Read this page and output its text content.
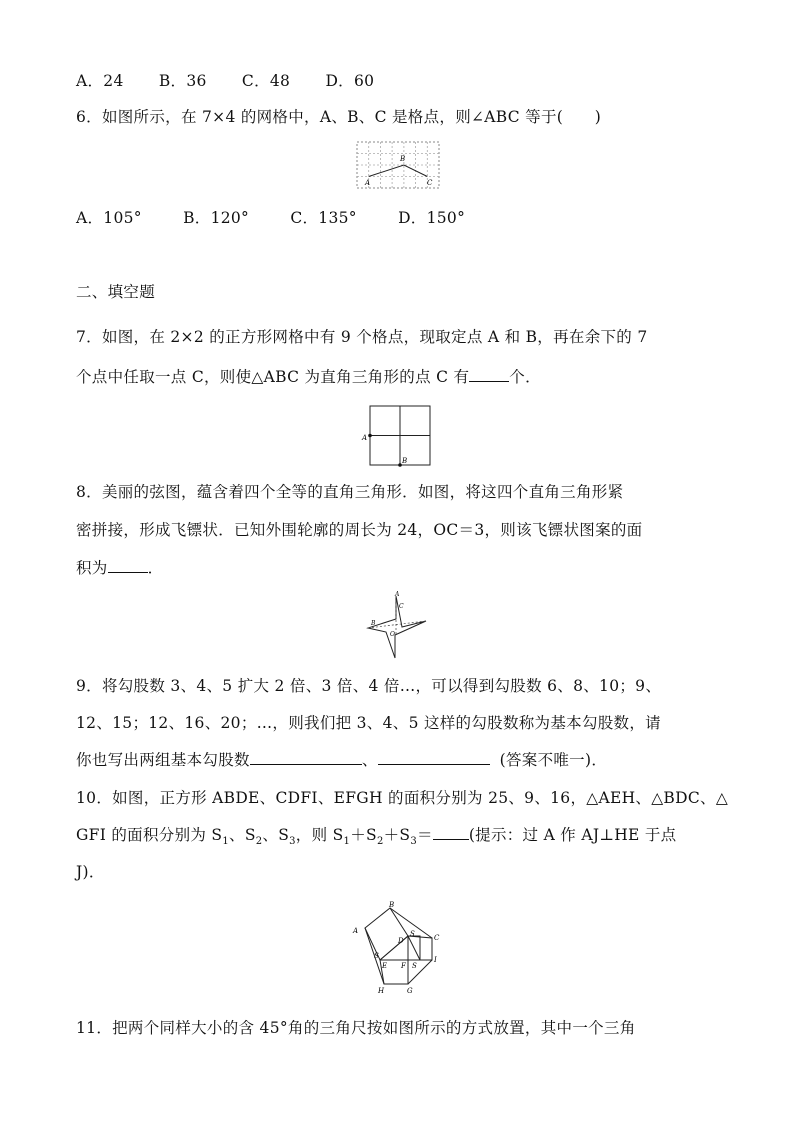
A．24 B．36 C．48 D．60
6．如图所示，在 7×4 的网格中，A、B、C 是格点，则∠ABC 等于(　　)
A
B
C
A．105°	B．120°	C．135°	D．150°
二、填空题
7．如图，在 2×2 的正方形网格中有 9 个格点，现取定点 A 和 B，再在余下的 7
个点中任取一点 C，则使△ABC 为直角三角形的点 C 有	个．
A
B
8．美丽的弦图，蕴含着四个全等的直角三角形．如图，将这四个直角三角形紧
密拼接，形成飞镖状．已知外围轮廓的周长为 24，OC＝3，则该飞镖状图案的面
积为	．
A
C
B
O
9．将勾股数 3、4、5 扩大 2 倍、3 倍、4 倍…，可以得到勾股数 6、8、10；9、
12、15；12、16、20；…，则我们把 3、4、5 这样的勾股数称为基本勾股数，请
你也写出两组基本勾股数	、	(答案不唯一)．
10．如图，正方形 ABDE、CDFI、EFGH 的面积分别为 25、9、16，△AEH、△BDC、△
GFI 的面积分别为 $S_1$、$S_2$、$S_3$，则 $S_1+S_2+S_3=$ (提示：过 A 作 AJ⊥HE 于点
J)．
B
A
D
S	C
S
E F S
I
H	G
11．把两个同样大小的含 45°角的三角尺按如图所示的方式放置，其中一个三角
